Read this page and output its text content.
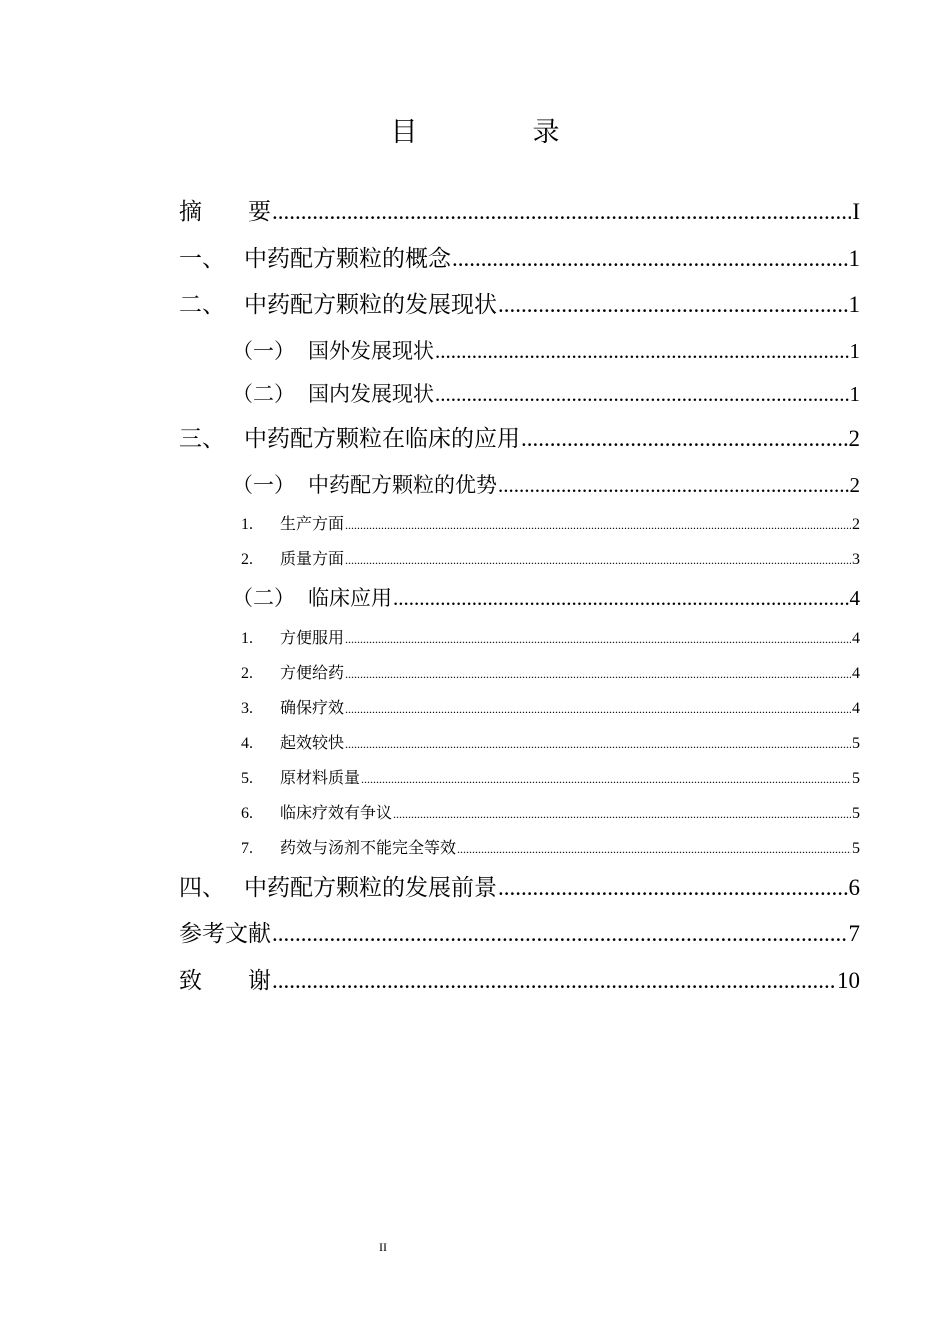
目　录
摘　　要 .....	I
一、 中药配方颗粒的概念 .....	1
二、 中药配方颗粒的发展现状 .....	1
（一） 国外发展现状 .....	1
（二） 国内发展现状 .....	1
三、 中药配方颗粒在临床的应用 .....	2
（一） 中药配方颗粒的优势 .....	2
1.	生产方面 .....	2
2.	质量方面 .....	3
（二） 临床应用 .....	4
1.	方便服用 .....	4
2.	方便给药 .....	4
3.	确保疗效 .....	4
4.	起效较快 .....	5
5.	原材料质量 .....	5
6.	临床疗效有争议 .....	5
7.	药效与汤剂不能完全等效 .....	5
四、 中药配方颗粒的发展前景 .....	6
参考文献 .....	7
致　　谢 .....	10
II
